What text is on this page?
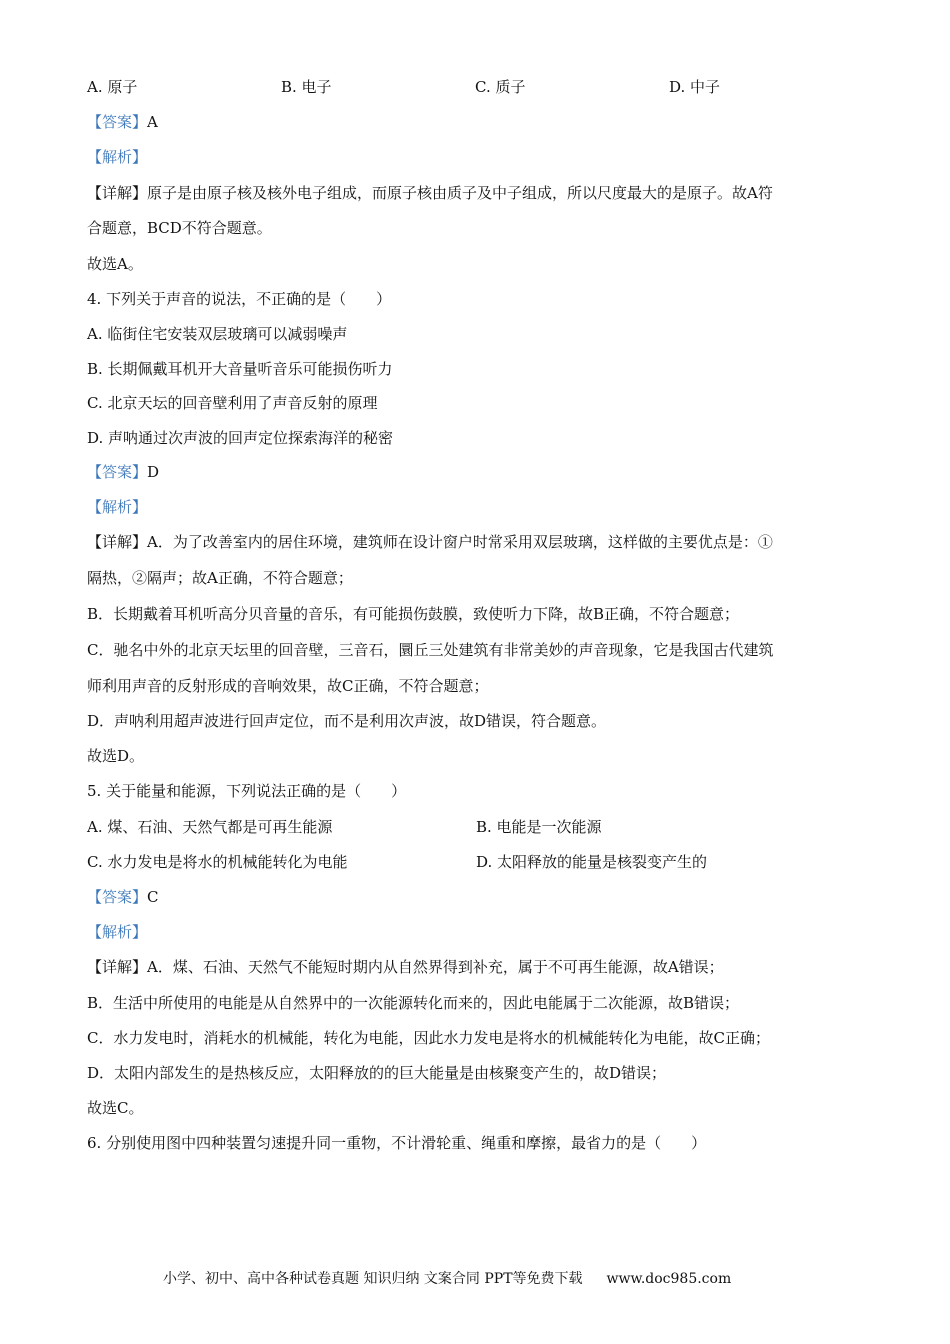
A. 原子	B. 电子	C. 质子	D. 中子
【答案】A
【解析】
【详解】原子是由原子核及核外电子组成，而原子核由质子及中子组成，所以尺度最大的是原子。故A符
合题意，BCD不符合题意。
故选A。
4. 下列关于声音的说法，不正确的是（　　）
A. 临街住宅安装双层玻璃可以减弱噪声
B. 长期佩戴耳机开大音量听音乐可能损伤听力
C. 北京天坛的回音壁利用了声音反射的原理
D. 声呐通过次声波的回声定位探索海洋的秘密
【答案】D
【解析】
【详解】A．为了改善室内的居住环境，建筑师在设计窗户时常采用双层玻璃，这样做的主要优点是：①
隔热，②隔声；故A正确，不符合题意；
B．长期戴着耳机听高分贝音量的音乐，有可能损伤鼓膜，致使听力下降，故B正确，不符合题意；
C．驰名中外的北京天坛里的回音壁，三音石，圜丘三处建筑有非常美妙的声音现象，它是我国古代建筑
师利用声音的反射形成的音响效果，故C正确，不符合题意；
D．声呐利用超声波进行回声定位，而不是利用次声波，故D错误，符合题意。
故选D。
5. 关于能量和能源，下列说法正确的是（　　）
A. 煤、石油、天然气都是可再生能源	B. 电能是一次能源
C. 水力发电是将水的机械能转化为电能	D. 太阳释放的能量是核裂变产生的
【答案】C
【解析】
【详解】A．煤、石油、天然气不能短时期内从自然界得到补充，属于不可再生能源，故A错误；
B．生活中所使用的电能是从自然界中的一次能源转化而来的，因此电能属于二次能源，故B错误；
C．水力发电时，消耗水的机械能，转化为电能，因此水力发电是将水的机械能转化为电能，故C正确；
D．太阳内部发生的是热核反应，太阳释放的的巨大能量是由核聚变产生的，故D错误；
故选C。
6. 分别使用图中四种装置匀速提升同一重物，不计滑轮重、绳重和摩擦，最省力的是（　　）
小学、初中、高中各种试卷真题 知识归纳 文案合同 PPT等免费下载 www.doc985.com
